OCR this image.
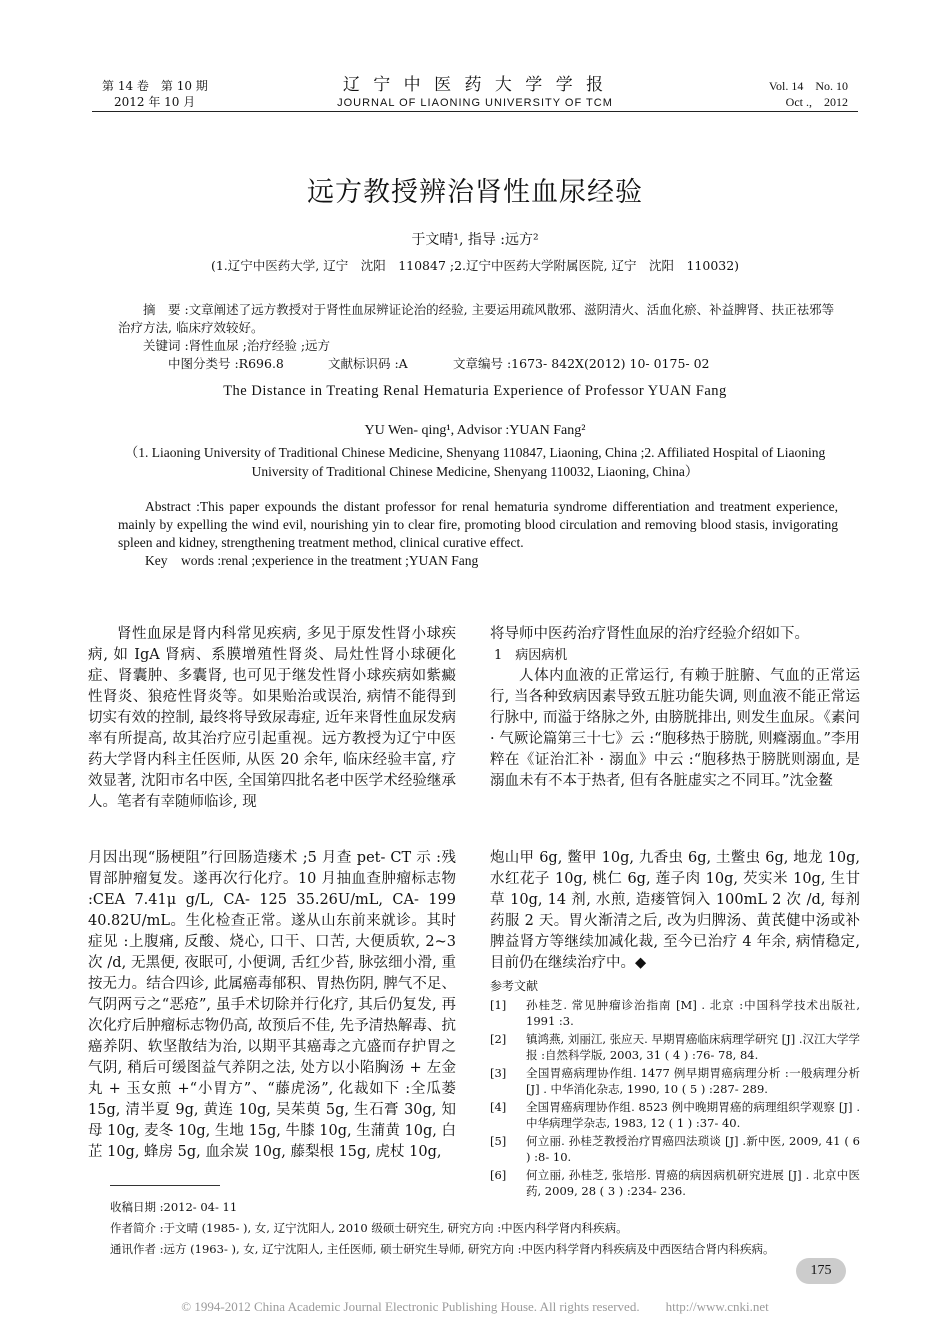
第 14 卷　第 10 期
2012 年 10 月
辽 宁 中 医 药 大 学 学 报
JOURNAL OF LIAONING UNIVERSITY OF TCM
Vol. 14　No. 10
Oct .,　2012
远方教授辨治肾性血尿经验
于文晴¹, 指导 :远方²
(1.辽宁中医药大学, 辽宁　沈阳　110847 ;2.辽宁中医药大学附属医院, 辽宁　沈阳　110032)

摘　要 :文章阐述了远方教授对于肾性血尿辨证论治的经验, 主要运用疏风散邪、滋阴清火、活血化瘀、补益脾肾、扶正祛邪等治疗方法, 临床疗效较好。

关键词 :肾性血尿 ;治疗经验 ;远方

中图分类号 :R696.8	文献标识码 :A	文章编号 :1673- 842X(2012) 10- 0175- 02

The Distance in Treating Renal Hematuria Experience of Professor YUAN Fang
YU Wen- qing¹, Advisor :YUAN Fang²
（1. Liaoning University of Traditional Chinese Medicine, Shenyang 110847, Liaoning, China ;2. Affiliated Hospital of Liaoning University of Traditional Chinese Medicine, Shenyang 110032, Liaoning, China）

Abstract :This paper expounds the distant professor for renal hematuria syndrome differentiation and treatment experience, mainly by expelling the wind evil, nourishing yin to clear fire, promoting blood circulation and removing blood stasis, invigorating spleen and kidney, strengthening treatment method, clinical curative effect.

Key　words :renal ;experience in the treatment ;YUAN Fang

肾性血尿是肾内科常见疾病, 多见于原发性肾小球疾病, 如 IgA 肾病、系膜增殖性肾炎、局灶性肾小球硬化症、肾囊肿、多囊肾, 也可见于继发性肾小球疾病如紫癜性肾炎、狼疮性肾炎等。如果贻治或误治, 病情不能得到切实有效的控制, 最终将导致尿毒症, 近年来肾性血尿发病率有所提高, 故其治疗应引起重视。远方教授为辽宁中医药大学肾内科主任医师, 从医 20 余年, 临床经验丰富, 疗效显著, 沈阳市名中医, 全国第四批名老中医学术经验继承人。笔者有幸随师临诊, 现

将导师中医药治疗肾性血尿的治疗经验介绍如下。

1　病因病机

人体内血液的正常运行, 有赖于脏腑、气血的正常运行, 当各种致病因素导致五脏功能失调, 则血液不能正常运行脉中, 而溢于络脉之外, 由膀胱排出, 则发生血尿。《素问 · 气厥论篇第三十七》云 :“胞移热于膀胱, 则癃溺血。”李用粹在《证治汇补 · 溺血》中云 :“胞移热于膀胱则溺血, 是溺血未有不本于热者, 但有各脏虚实之不同耳。”沈金鳌

月因出现“肠梗阻”行回肠造瘘术 ;5 月查 pet- CT 示 :残胃部肿瘤复发。遂再次行化疗。10 月抽血查肿瘤标志物 :CEA 7.41μ g/L, CA- 125 35.26U/mL, CA- 199 40.82U/mL。生化检查正常。遂从山东前来就诊。其时症见 :上腹痛, 反酸、烧心, 口干、口苦, 大便质软, 2~3 次 /d, 无黑便, 夜眠可, 小便调, 舌红少苔, 脉弦细小滑, 重按无力。结合四诊, 此属癌毒郁积、胃热伤阴, 脾气不足、气阴两亏之“恶疮”, 虽手术切除并行化疗, 其后仍复发, 再次化疗后肿瘤标志物仍高, 故预后不佳, 先予清热解毒、抗癌养阴、软坚散结为治, 以期平其癌毒之亢盛而存护胃之气阴, 稍后可缓图益气养阴之法, 处方以小陷胸汤 + 左金丸 + 玉女煎 +“小胃方”、“藤虎汤”, 化裁如下 :全瓜蒌 15g, 清半夏 9g, 黄连 10g, 吴茱萸 5g, 生石膏 30g, 知母 10g, 麦冬 10g, 生地 15g, 牛膝 10g, 生蒲黄 10g, 白芷 10g, 蜂房 5g, 血余炭 10g, 藤梨根 15g, 虎杖 10g,

炮山甲 6g, 鳖甲 10g, 九香虫 6g, 土鳖虫 6g, 地龙 10g, 水红花子 10g, 桃仁 6g, 莲子肉 10g, 芡实米 10g, 生甘草 10g, 14 剂, 水煎, 造瘘管饲入 100mL 2 次 /d, 每剂药服 2 天。胃火渐清之后, 改为归脾汤、黄芪健中汤或补脾益肾方等继续加减化裁, 至今已治疗 4 年余, 病情稳定, 目前仍在继续治疗中。◆

参考文献
[1]	孙桂芝. 常见肿瘤诊治指南 [M] . 北京 :中国科学技术出版社, 1991 :3.
[2]	镇鸿燕, 刘丽江, 张应天. 早期胃癌临床病理学研究 [J] .汉江大学学报 :自然科学版, 2003, 31 ( 4 ) :76- 78, 84.
[3]	全国胃癌病理协作组. 1477 例早期胃癌病理分析 :一般病理分析 [J] . 中华消化杂志, 1990, 10 ( 5 ) :287- 289.
[4]	全国胃癌病理协作组. 8523 例中晚期胃癌的病理组织学观察 [J] . 中华病理学杂志, 1983, 12 ( 1 ) :37- 40.
[5]	何立丽. 孙桂芝教授治疗胃癌四法琐谈 [J] .新中医, 2009, 41 ( 6 ) :8- 10.
[6]	何立丽, 孙桂芝, 张培彤. 胃癌的病因病机研究进展 [J] . 北京中医药, 2009, 28 ( 3 ) :234- 236.

收稿日期 :2012- 04- 11

作者简介 :于文晴 (1985- ), 女, 辽宁沈阳人, 2010 级硕士研究生, 研究方向 :中医内科学肾内科疾病。

通讯作者 :远方 (1963- ), 女, 辽宁沈阳人, 主任医师, 硕士研究生导师, 研究方向 :中医内科学肾内科疾病及中西医结合肾内科疾病。

175
© 1994-2012 China Academic Journal Electronic Publishing House. All rights reserved.　　http://www.cnki.net
